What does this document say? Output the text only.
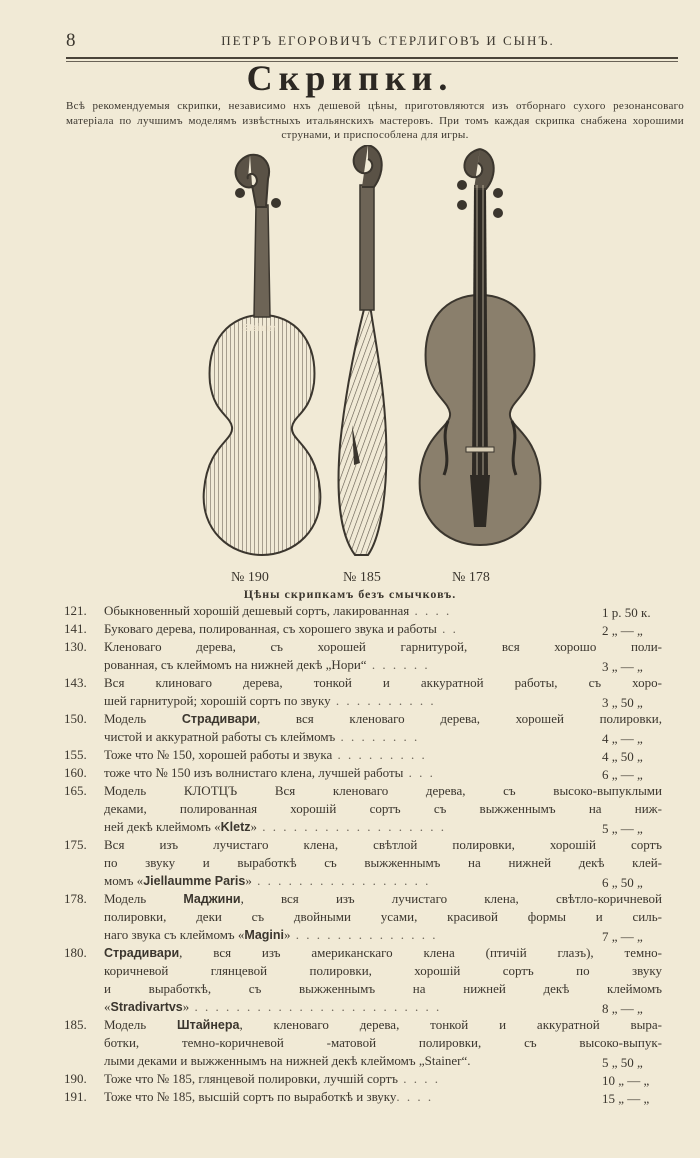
8	ПЕТРЪ ЕГОРОВИЧЪ СТЕРЛИГОВЪ И СЫНЪ.
Скрипки.
Всѣ рекомендуемыя скрипки, независимо нхъ дешевой цѣны, приготовляются изъ отборнаго сухого резонансоваго матеріала по лучшимъ моделямъ извѣстныхъ итальянскихъ мастеровъ. При томъ каждая скрипка снабжена хорошими струнами, и приспособлена для игры.
Stainer
№ 190	№ 185	№ 178
Цѣны скрипкамъ безъ смычковъ.
121.	Обыкновенный хорошій дешевый сортъ, лакированная . . . .	1 р. 50 к.
141.	Буковаго дерева, полированная, съ хорошего звука и работы . .	2 „ — „
130.	Кленоваго дерева, съ хорошей гарнитурой, вся хорошо поли-
рованная, съ клеймомъ на нижней декѣ „Нори“ . . . . . .	3 „ — „
143.	Вся клиноваго дерева, тонкой и аккуратной работы, съ хоро-
шей гарнитурой; хорошій сортъ по звуку . . . . . . . . . .	3 „ 50 „
150.	Модель Страдивари, вся кленоваго дерева, хорошей полировки,
чистой и аккуратной работы съ клеймомъ . . . . . . . .	4 „ — „
155.	Тоже что № 150, хорошей работы и звука . . . . . . . . .	4 „ 50 „
160.	тоже что № 150 изъ волнистаго клена, лучшей работы . . .	6 „ — „
165.	Модель КЛОТЦЪ Вся кленоваго дерева, съ высоко-выпуклыми
деками, полированная хорошій сортъ съ выжженнымъ на ниж-
ней декѣ клеймомъ «Kletz» . . . . . . . . . . . . . . . . . .	5 „ — „
175.	Вся изъ лучистаго клена, свѣтлой полировки, хорошій сортъ
по звуку и выработкѣ съ выжженнымъ на нижней декѣ клей-
момъ «Jiellaumme Paris» . . . . . . . . . . . . . . . . .	6 „ 50 „
178.	Модель Маджини, вся изъ лучистаго клена, свѣтло-коричневой
полировки, деки съ двойными усами, красивой формы и силь-
наго звука съ клеймомъ «Magini» . . . . . . . . . . . . . .	7 „ — „
180.	Страдивари, вся изъ американскаго клена (птичій глазъ), темно-
коричневой глянцевой полировки, хорошій сортъ по звуку
и выработкѣ, съ выжженнымъ на нижней декѣ клеймомъ
«Stradivartvs» . . . . . . . . . . . . . . . . . . . . . . . .	8 „ — „
185.	Модель Штайнера, кленоваго дерева, тонкой и аккуратной выра-
ботки, темно-коричневой -матовой полировки, съ высоко-выпук-
лыми деками и выжженнымъ на нижней декѣ клеймомъ „Stainer“.	5 „ 50 „
190.	Тоже что № 185, глянцевой полировки, лучшій сортъ . . . .	10 „ — „
191.	Тоже что № 185, высшій сортъ по выработкѣ и звуку. . . .	15 „ — „
